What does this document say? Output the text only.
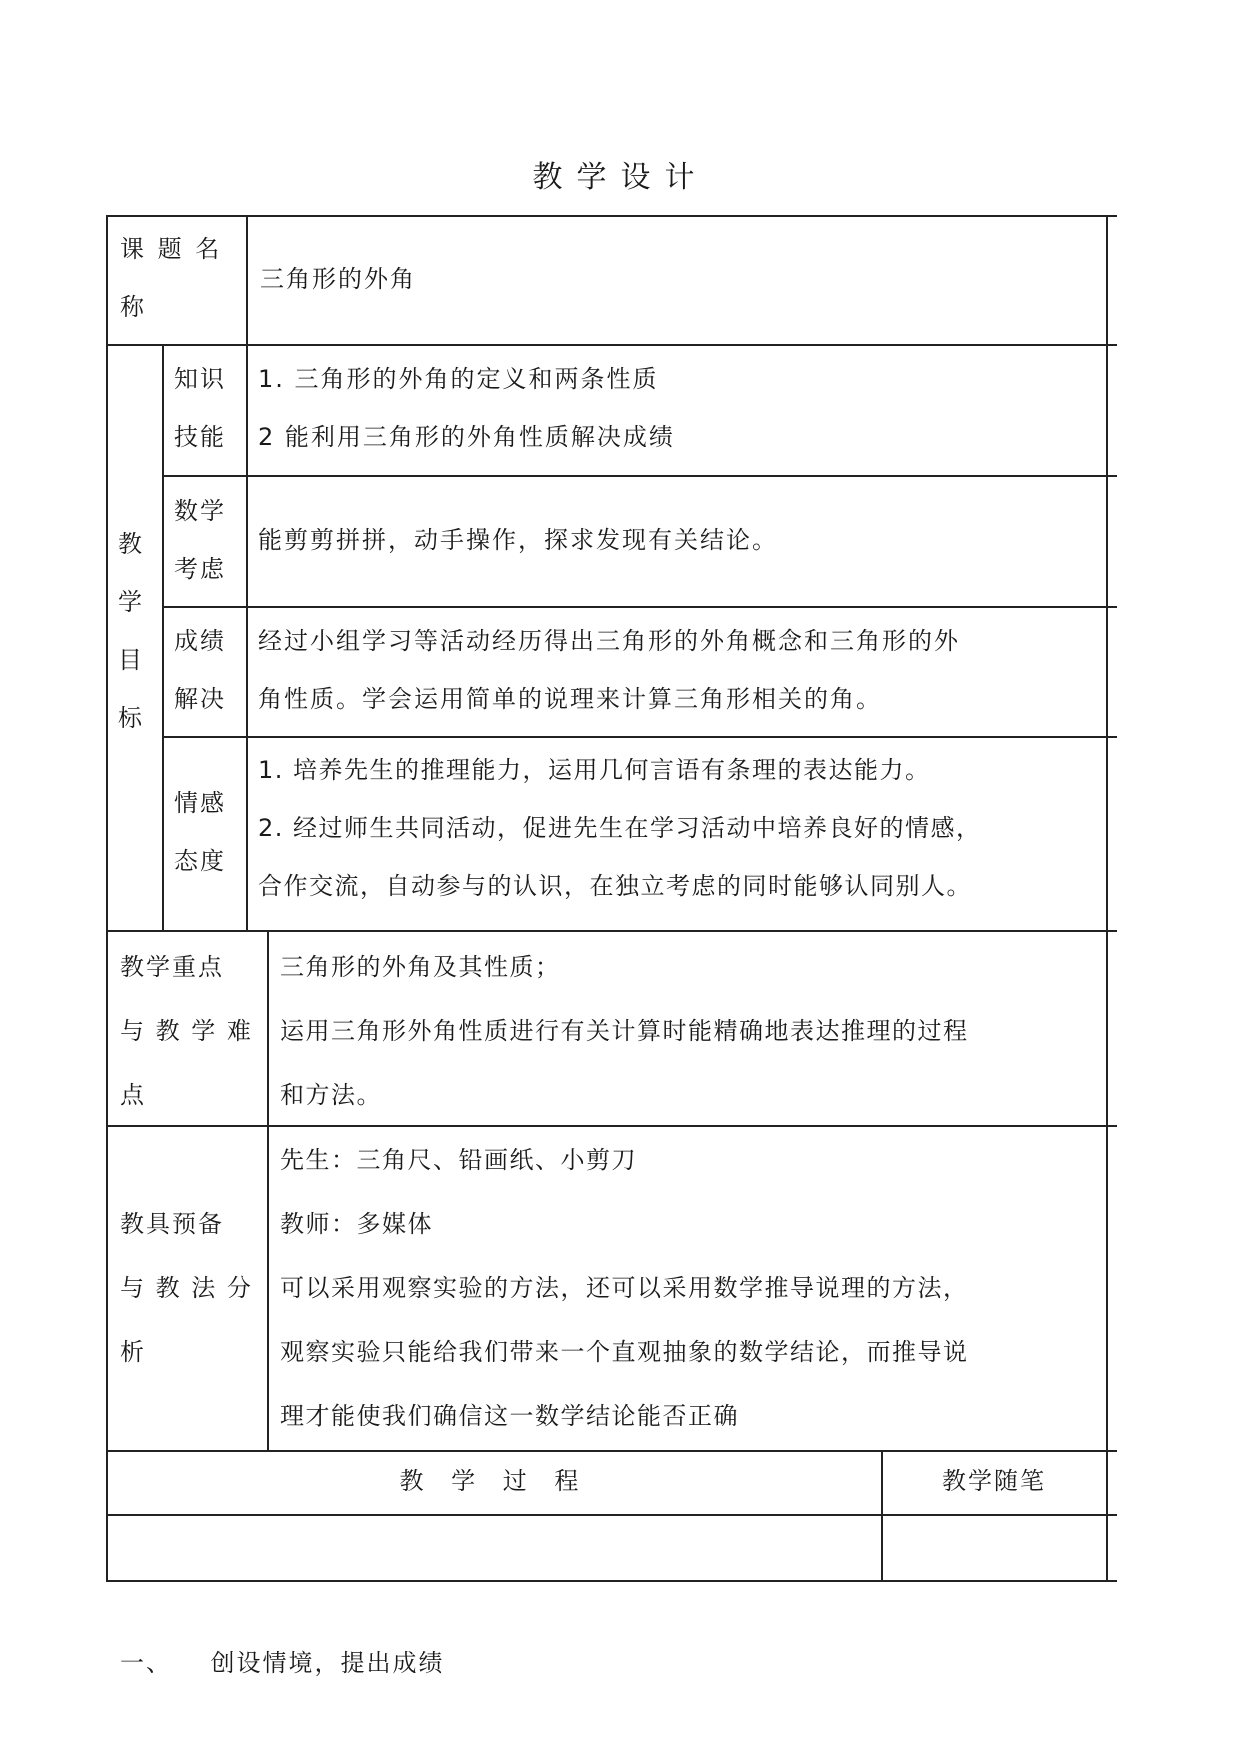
教学设计
课 题 名
称
三角形的外角
教
学
目
标
知识
技能
1. 三角形的外角的定义和两条性质
2 能利用三角形的外角性质解决成绩
数学
考虑
能剪剪拼拼，动手操作，探求发现有关结论。
成绩
解决
经过小组学习等活动经历得出三角形的外角概念和三角形的外
角性质。学会运用简单的说理来计算三角形相关的角。
情感
态度
1. 培养先生的推理能力，运用几何言语有条理的表达能力。
2. 经过师生共同活动，促进先生在学习活动中培养良好的情感，
合作交流，自动参与的认识，在独立考虑的同时能够认同别人。
教学重点
与 教 学 难
点
三角形的外角及其性质；
运用三角形外角性质进行有关计算时能精确地表达推理的过程
和方法。
教具预备
与 教 法 分
析
先生：三角尺、铅画纸、小剪刀
教师：多媒体
可以采用观察实验的方法，还可以采用数学推导说理的方法，
观察实验只能给我们带来一个直观抽象的数学结论，而推导说
理才能使我们确信这一数学结论能否正确
教 学 过 程	教学随笔

一、    创设情境，提出成绩
